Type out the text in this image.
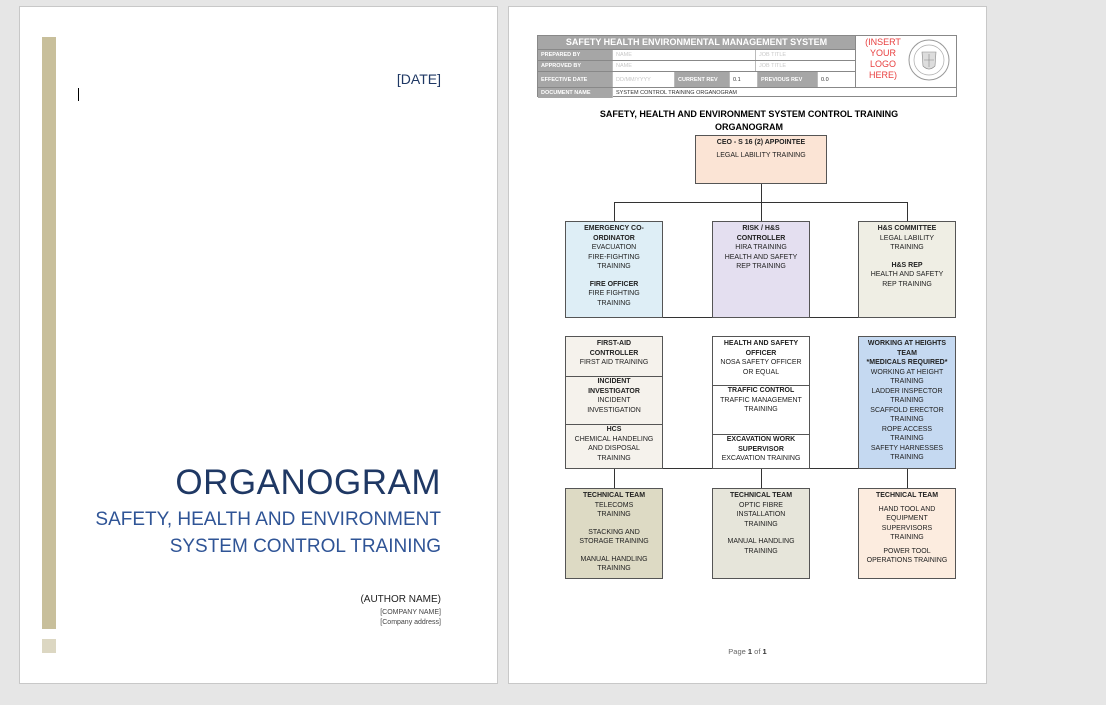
[DATE]
ORGANOGRAM
SAFETY, HEALTH AND ENVIRONMENT
SYSTEM CONTROL TRAINING
(AUTHOR NAME)
[COMPANY NAME]
[Company address]
SAFETY HEALTH ENVIRONMENTAL MANAGEMENT SYSTEM
PREPARED BY	NAME	JOB TITLE
APPROVED BY	NAME	JOB TITLE
EFFECTIVE DATE	DD/MM/YYYY	CURRENT REV	0.1	PREVIOUS REV	0.0
DOCUMENT NAME	SYSTEM CONTROL TRAINING ORGANOGRAM
(INSERT
YOUR
LOGO
HERE)
SAFETY, HEALTH AND ENVIRONMENT SYSTEM CONTROL TRAINING
ORGANOGRAM
CEO - S 16 (2) APPOINTEE
LEGAL LABILITY TRAINING
EMERGENCY CO-
ORDINATOR
EVACUATION
FIRE-FIGHTING
TRAINING
FIRE OFFICER
FIRE FIGHTING
TRAINING
RISK / H&S
CONTROLLER
HIRA TRAINING
HEALTH AND SAFETY
REP TRAINING
H&S COMMITTEE
LEGAL LABILITY
TRAINING
H&S REP
HEALTH AND SAFETY
REP TRAINING
FIRST-AID
CONTROLLER
FIRST AID TRAINING
INCIDENT
INVESTIGATOR
INCIDENT
INVESTIGATION
HCS
CHEMICAL HANDELING
AND DISPOSAL
TRAINING
HEALTH AND SAFETY
OFFICER
NOSA SAFETY OFFICER
OR EQUAL
TRAFFIC CONTROL
TRAFFIC MANAGEMENT
TRAINING
EXCAVATION WORK
SUPERVISOR
EXCAVATION TRAINING
WORKING AT HEIGHTS
TEAM
*MEDICALS REQUIRED*
WORKING AT HEIGHT
TRAINING
LADDER INSPECTOR
TRAINING
SCAFFOLD ERECTOR
TRAINING
ROPE ACCESS
TRAINING
SAFETY HARNESSES
TRAINING
TECHNICAL TEAM
TELECOMS
TRAINING
STACKING AND
STORAGE TRAINING
MANUAL HANDLING
TRAINING
TECHNICAL TEAM
OPTIC FIBRE
INSTALLATION
TRAINING
MANUAL HANDLING
TRAINING
TECHNICAL TEAM
HAND TOOL AND
EQUIPMENT
SUPERVISORS
TRAINING
POWER TOOL
OPERATIONS TRAINING
Page 1 of 1
